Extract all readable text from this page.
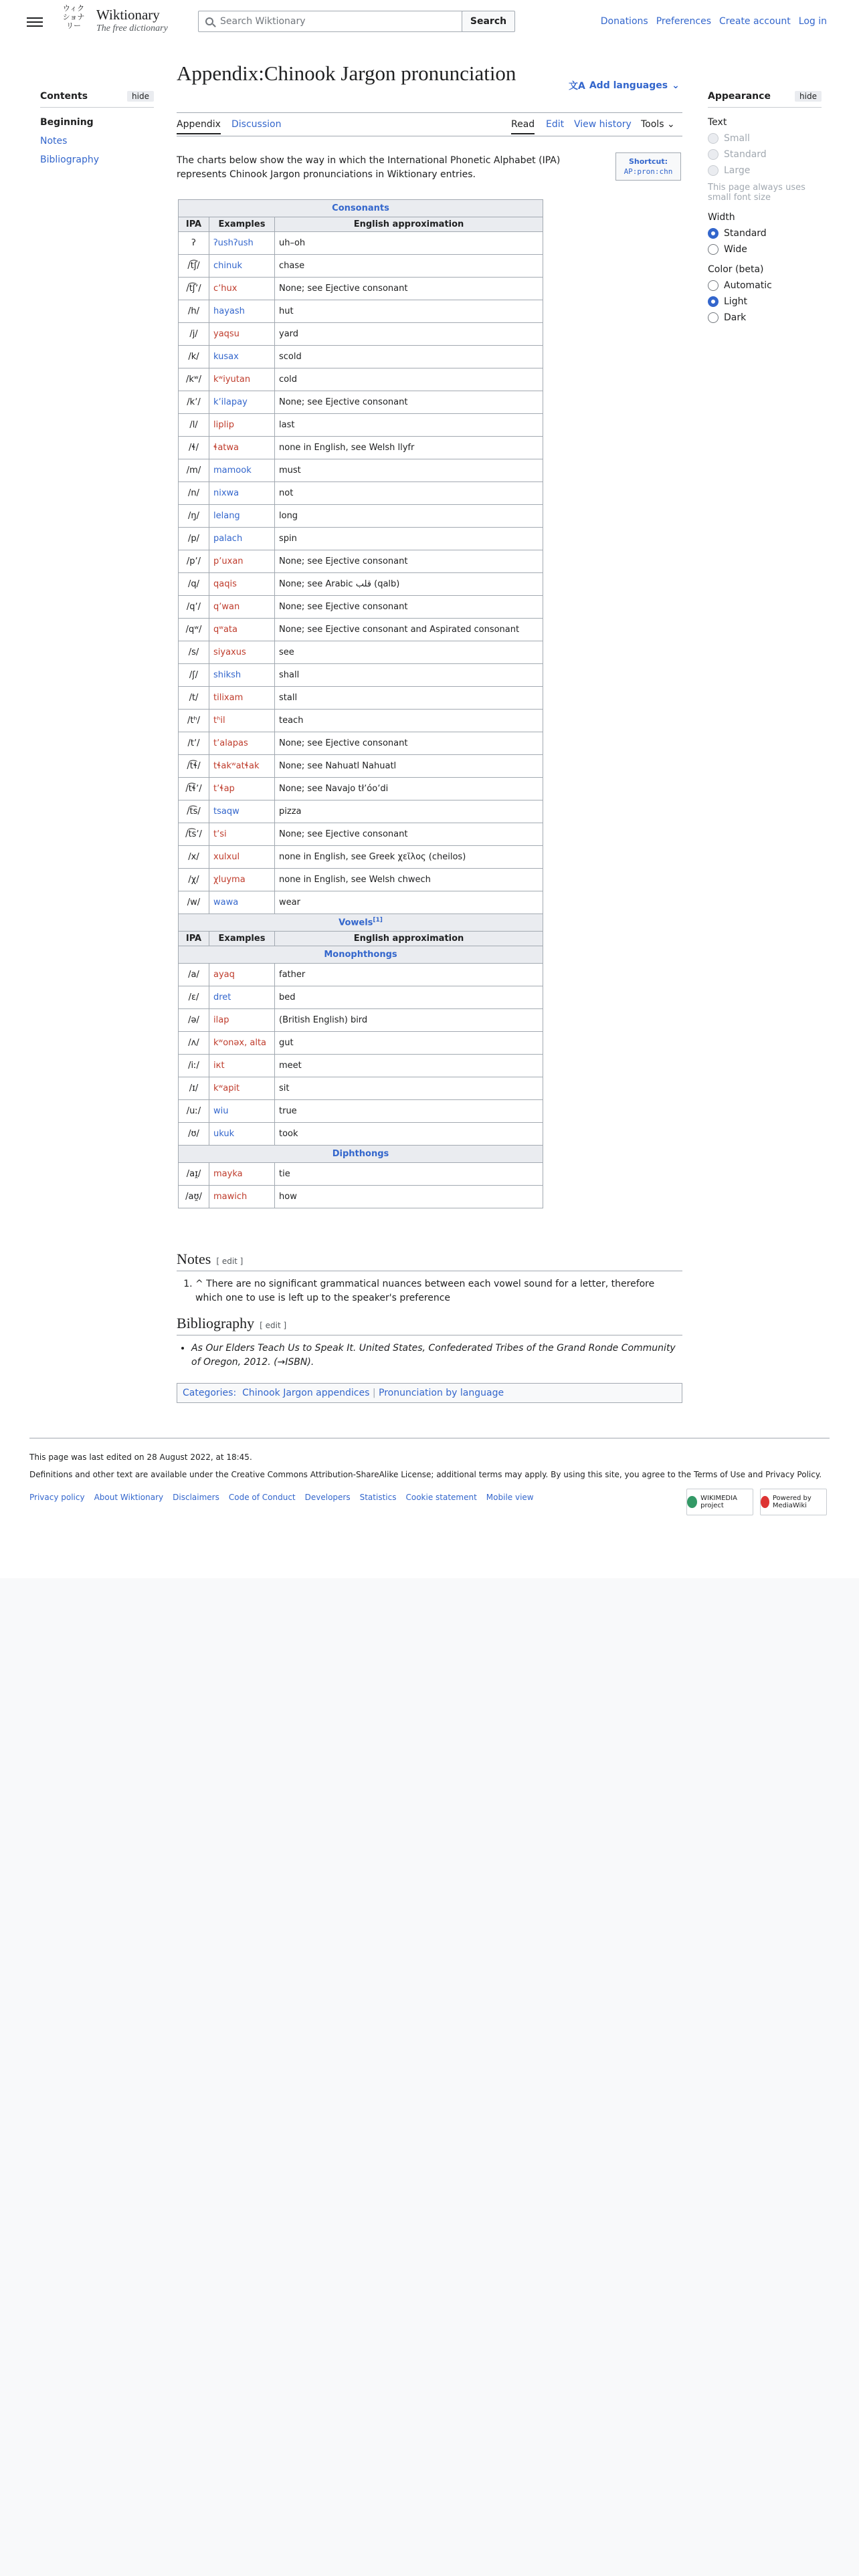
ウィク
ショナ
リー
Wiktionary
The free dictionary
Search Wiktionary	Search	Donations Preferences Create account Log in
Contents	hide
Beginning
Notes
Bibliography
Appendix:Chinook Jargon pronunciation
文A Add languages ⌄
Appendix Discussion	Read Edit View history Tools ⌄
Appearance	hide
Text
Small
Standard
Large
This page always uses small font size
Width
Standard
Wide
Color (beta)
Automatic
Light
Dark

The charts below show the way in which the International Phonetic Alphabet (IPA) represents Chinook Jargon pronunciations in Wiktionary entries.

Shortcut:
AP:pron:chn
Consonants		
IPA	Examples	English approximation
ʔ	ʔushʔush	uh–oh
/t͡ʃ/	chinuk	chase
/t͡ʃʼ/	cʼhux	None; see Ejective consonant
/h/	hayash	hut
/j/	yaqsu	yard
/k/	kusax	scold
/kʷ/	kʷiyutan	cold
/kʼ/	kʼilapay	None; see Ejective consonant
/l/	liplip	last
/ɬ/	ɬatwa	none in English, see Welsh llyfr
/m/	mamook	must
/n/	nixwa	not
/ŋ/	lelang	long
/p/	palach	spin
/pʼ/	pʼuxan	None; see Ejective consonant
/q/	qaqis	None; see Arabic قلب (qalb)
/qʼ/	qʼwan	None; see Ejective consonant
/qʷ/	qʷata	None; see Ejective consonant and Aspirated consonant
/s/	siyaxus	see
/ʃ/	shiksh	shall
/t/	tilixam	stall
/tʰ/	tʰil	teach
/tʼ/	tʼalapas	None; see Ejective consonant
/t͡ɬ/	tɬakʷatɬak	None; see Nahuatl Nahuatl
/t͡ɬʼ/	tʼɬap	None; see Navajo tłʼóoʼdi
/t͡s/	tsaqw	pizza
/t͡sʼ/	tʼsi	None; see Ejective consonant
/x/	xulxul	none in English, see Greek χεῖλος (cheilos)
/χ/	χluyma	none in English, see Welsh chwech
/w/	wawa	wear
Vowels[1]
IPA	Examples	English approximation
Monophthongs		
/a/	ayaq	father
/ɛ/	dret	bed
/ə/	ilap	(British English) bird
/ʌ/	kʷonəx, alta	gut
/iː/	iкt	meet
/ɪ/	kʷapit	sit
/uː/	wiu	true
/ʊ/	ukuk	took
Diphthongs		
/aɪ̯/	mayka	tie
/aʊ̯/	mawich	how
Notes [ edit ]
1. ^ There are no significant grammatical nuances between each vowel sound for a letter, therefore which one to use is left up to the speaker's preference
Bibliography [ edit ]
• As Our Elders Teach Us to Speak It. United States, Confederated Tribes of the Grand Ronde Community of Oregon, 2012. (→ISBN).
Categories: Chinook Jargon appendices | Pronunciation by language
This page was last edited on 28 August 2022, at 18:45.
Definitions and other text are available under the Creative Commons Attribution-ShareAlike License; additional terms may apply. By using this site, you agree to the Terms of Use and Privacy Policy.
Privacy policy About Wiktionary Disclaimers Code of Conduct Developers Statistics Cookie statement Mobile view	WIKIMEDIA project
Powered by MediaWiki
